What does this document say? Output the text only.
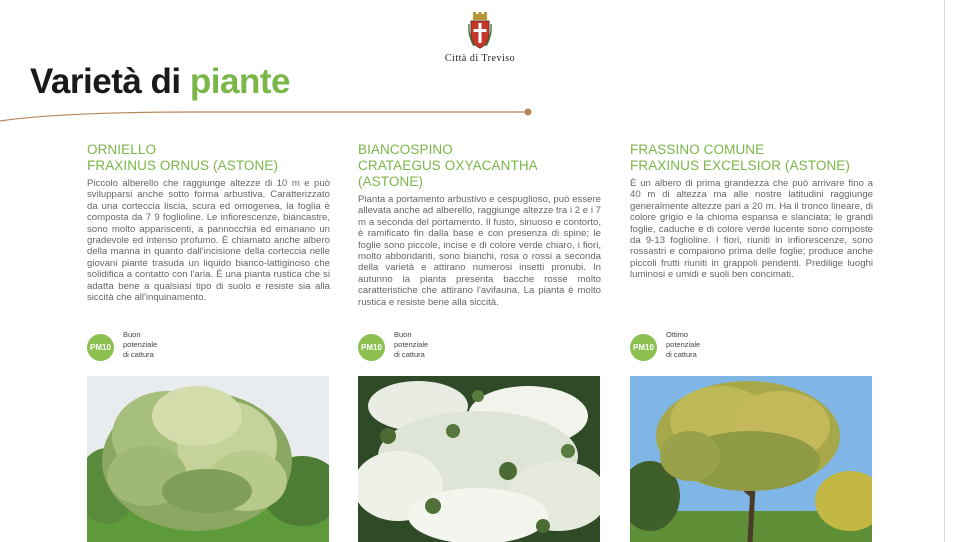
Città di Treviso
Varietà di piante
ORNIELLO
FRAXINUS ORNUS (ASTONE)
Piccolo alberello che raggiunge altezze di 10 m e può svilupparsi anche sotto forma arbustiva. Caratterizzato da una corteccia liscia, scura ed omogenea, la foglia è composta da 7 9 foglioline. Le infiorescenze, biancastre, sono molto appariscenti, a pannocchia ed emanano un gradevole ed intenso profumo. È chiamato anche albero della manna in quanto dall'incisione della corteccia nelle giovani piante trasuda un liquido bianco-lattiginoso che solidifica a contatto con l'aria. È una pianta rustica che si adatta bene a qualsiasi tipo di suolo e resiste sia alla siccità che all'inquinamento.
BIANCOSPINO
CRATAEGUS OXYACANTHA (ASTONE)
Pianta a portamento arbustivo e cespuglioso, può essere allevata anche ad alberello, raggiunge altezze tra i 2 e i 7 m a seconda del portamento. Il fusto, sinuoso e contorto, è ramificato fin dalla base e con presenza di spine; le foglie sono piccole, incise e di colore verde chiaro, i fiori, molto abbondanti, sono bianchi, rosa o rossi a seconda della varietà e attirano numerosi insetti pronubi. In autunno la pianta presenta bacche rosse molto caratteristiche che attirano l'avifauna. La pianta è molto rustica e resiste bene alla siccità.
FRASSINO COMUNE
FRAXINUS EXCELSIOR (ASTONE)
È un albero di prima grandezza che può arrivare fino a 40 m di altezza ma alle nostre latitudini raggiunge generalmente altezze pari a 20 m. Ha il tronco lineare, di colore grigio e la chioma espansa e slanciata; le grandi foglie, caduche e di colore verde lucente sono composte da 9-13 foglioline. I fiori, riuniti in infiorescenze, sono rossastri e compaiono prima delle foglie; produce anche piccoli frutti riuniti in grappoli pendenti. Predilige luoghi luminosi e umidi e suoli ben concimati.
PM10
Buon
potenziale
di cattura
PM10
Buon
potenziale
di cattura
PM10
Ottimo
potenziale
di cattura
